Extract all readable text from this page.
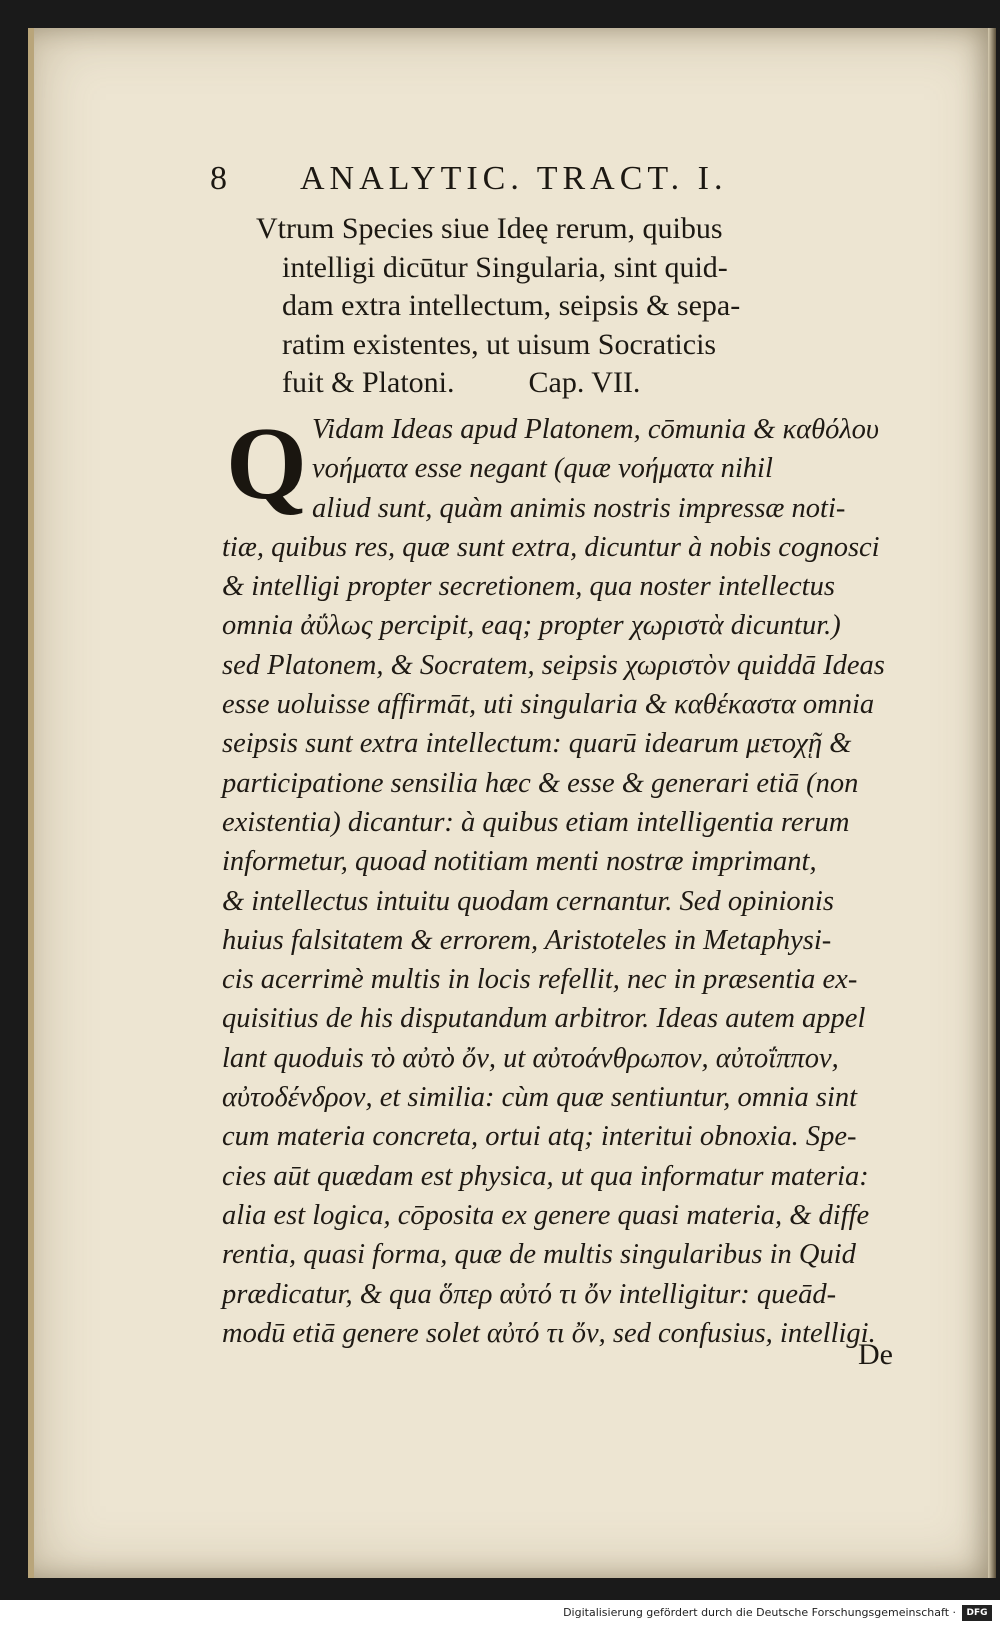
8 ANALYTIC. TRACT. I.
Vtrum Species siue Ideę rerum, quibus
intelligi dicūtur Singularia, sint quid-
dam extra intellectum, seipsis & sepa-
ratim existentes, ut uisum Socraticis
fuit & Platoni. Cap. VII.
Q Vidam Ideas apud Platonem, cōmunia & καθόλου
νοήματα esse negant (quæ νοήματα nihil
aliud sunt, quàm animis nostris impressæ noti-
tiæ, quibus res, quæ sunt extra, dicuntur à nobis cognosci
& intelligi propter secretionem, qua noster intellectus
omnia ἀΰλως percipit, eaq; propter χωριστὰ dicuntur.)
sed Platonem, & Socratem, seipsis χωριστὸν quiddā Ideas
esse uoluisse affirmāt, uti singularia & καθέκαστα omnia
seipsis sunt extra intellectum: quarū idearum μετοχῇ &
participatione sensilia hæc & esse & generari etiā (non
existentia) dicantur: à quibus etiam intelligentia rerum
informetur, quoad notitiam menti nostræ imprimant,
& intellectus intuitu quodam cernantur. Sed opinionis
huius falsitatem & errorem, Aristoteles in Metaphysi-
cis acerrimè multis in locis refellit, nec in præsentia ex-
quisitius de his disputandum arbitror. Ideas autem appel
lant quoduis τὸ αὐτὸ ὄν, ut αὐτοάνθρωπον, αὐτοΐππον,
αὐτοδένδρον, et similia: cùm quæ sentiuntur, omnia sint
cum materia concreta, ortui atq; interitui obnoxia. Spe-
cies aūt quædam est physica, ut qua informatur materia:
alia est logica, cōposita ex genere quasi materia, & diffe
rentia, quasi forma, quæ de multis singularibus in Quid
prædicatur, & qua ὅπερ αὐτό τι ὄν intelligitur: queād-
modū etiā genere solet αὐτό τι ὄν, sed confusius, intelligi.
De
Digitalisierung gefördert durch die Deutsche Forschungsgemeinschaft ·	DFG
